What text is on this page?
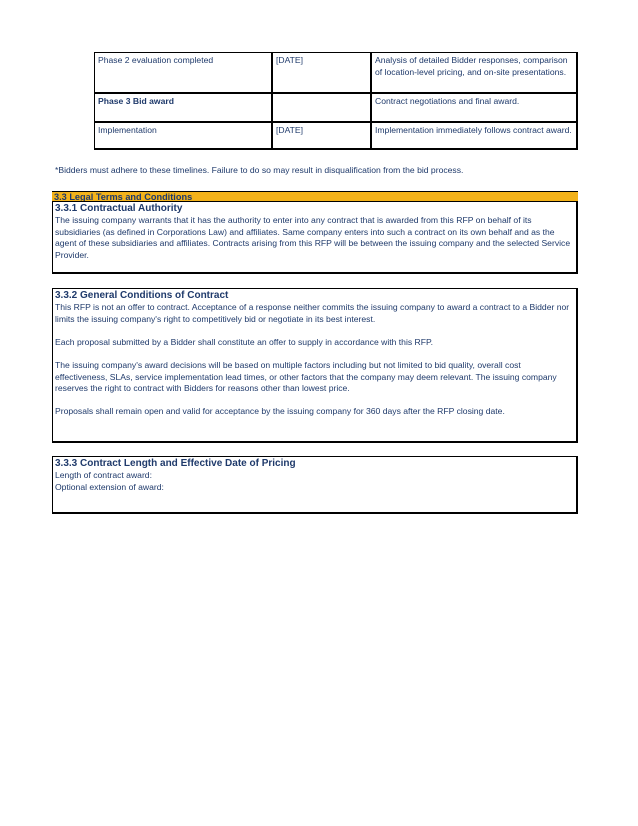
Phase 2 evaluation completed	[DATE]	Analysis of detailed Bidder responses, comparison of location-level pricing, and on-site presentations.
Phase 3 Bid award		Contract negotiations and final award.
Implementation	[DATE]	Implementation immediately follows contract award.
*Bidders must adhere to these timelines. Failure to do so may result in disqualification from the bid process.
3.3 Legal Terms and Conditions
3.3.1 Contractual Authority

The issuing company warrants that it has the authority to enter into any contract that is awarded from this RFP on behalf of its subsidiaries (as defined in Corporations Law) and affiliates. Same company enters into such a contract on its own behalf and as the agent of these subsidiaries and affiliates. Contracts arising from this RFP will be between the issuing company and the selected Service Provider.

3.3.2 General Conditions of Contract

This RFP is not an offer to contract. Acceptance of a response neither commits the issuing company to award a contract to a Bidder nor limits the issuing company's right to competitively bid or negotiate in its best interest.

Each proposal submitted by a Bidder shall constitute an offer to supply in accordance with this RFP.

The issuing company's award decisions will be based on multiple factors including but not limited to bid quality, overall cost effectiveness, SLAs, service implementation lead times, or other factors that the company may deem relevant. The issuing company reserves the right to contract with Bidders for reasons other than lowest price.

Proposals shall remain open and valid for acceptance by the issuing company for 360 days after the RFP closing date.

3.3.3 Contract Length and Effective Date of Pricing

Length of contract award:

Optional extension of award:
